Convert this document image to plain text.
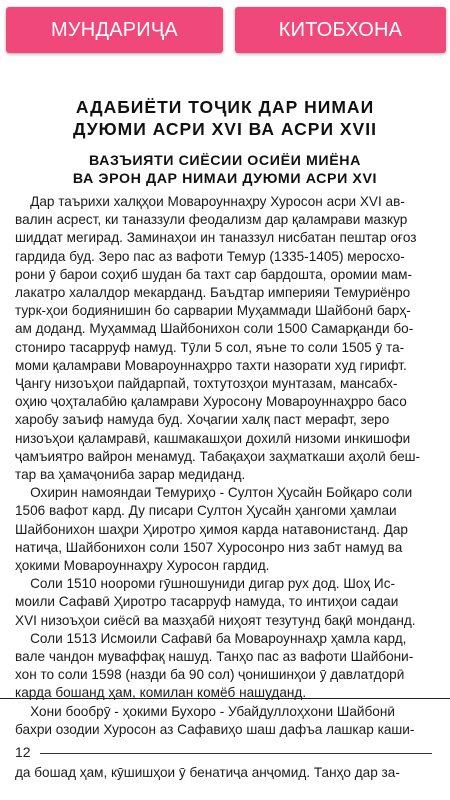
МУНДАРИҶА	КИТОБХОНА
АДАБИЁТИ ТОҶИК ДАР НИМАИ
ДУЮМИ АСРИ XVI ВА АСРИ XVII
ВАЗЪИЯТИ СИЁСИИ ОСИЁИ МИЁНА
ВА ЭРОН ДАР НИМАИ ДУЮМИ АСРИ XVI
Дар таърихи халқҳои Мовароуннаҳру Хуросон асри XVI ав-
валин асрест, ки таназзули феодализм дар қаламрави мазкур
шиддат мегирад. Заминаҳои ин таназзул нисбатан пештар оғоз
гардида буд. Зеро пас аз вафоти Темур (1335-1405) меросхо-
рони ӯ барои соҳиб шудан ба тахт сар бардошта, оромии мам-
лакатро халалдор мекарданд. Баъдтар империяи Темуриёнро
турк-ҳои бодиянишин бо сарварии Муҳаммади Шайбонӣ барҳ-
ам доданд. Муҳаммад Шайбонихон соли 1500 Самарқанди бо-
стониро тасарруф намуд. Тӯли 5 сол, яъне то соли 1505 ӯ та-
моми қаламрави Мовароуннаҳрро тахти назорати худ гирифт.
Ҷангу низоъҳои пайдарпай, тохтутозҳои мунтазам, мансабх-
оҳию ҷоҳталабӣю қаламрави Хуросону Мовароуннаҳрро басо
харобу заъиф намуда буд. Хоҷагии халқ паст мерафт, зеро
низоъҳои қаламравӣ, кашмакашҳои дохилӣ низоми инкишофи
ҷамъиятро вайрон менамуд. Табақаҳои заҳматкаши аҳолӣ беш-
тар ва ҳамаҷониба зарар медиданд.
Охирин намояндаи Темуриҳо - Султон Ҳусайн Бойқаро соли
1506 вафот кард. Ду писари Султон Ҳусайн ҳангоми ҳамлаи
Шайбонихон шаҳри Ҳиротро ҳимоя карда натавонистанд. Дар
натиҷа, Шайбонихон соли 1507 Хуросонро низ забт намуд ва
ҳокими Мовароуннаҳру Хуросон гардид.
Соли 1510 ноороми гӯшношуниди дигар рух дод. Шоҳ Ис-
моили Сафавӣ Ҳиротро тасарруф намуда, то интиҳои садаи
XVI низоъҳои сиёсӣ ва мазҳабӣ ниҳоят тезутунд бақӣ монданд.
Соли 1513 Исмоили Сафавӣ ба Мовароуннаҳр ҳамла кард,
вале чандон муваффақ нашуд. Танҳо пас аз вафоти Шайбони-
хон то соли 1598 (назди ба 90 сол) ҷонишинҳои ӯ давлатдорӣ
карда бошанд ҳам, комилан комёб нашуданд.
Хони бообрӯ - ҳокими Бухоро - Убайдуллоҳхони Шайбонӣ
бахри озодии Хуросон аз Сафавиҳо шаш дафъа лашкар каши-
12
да бошад ҳам, кӯшишҳои ӯ бенатиҷа анҷомид. Танҳо дар за-
